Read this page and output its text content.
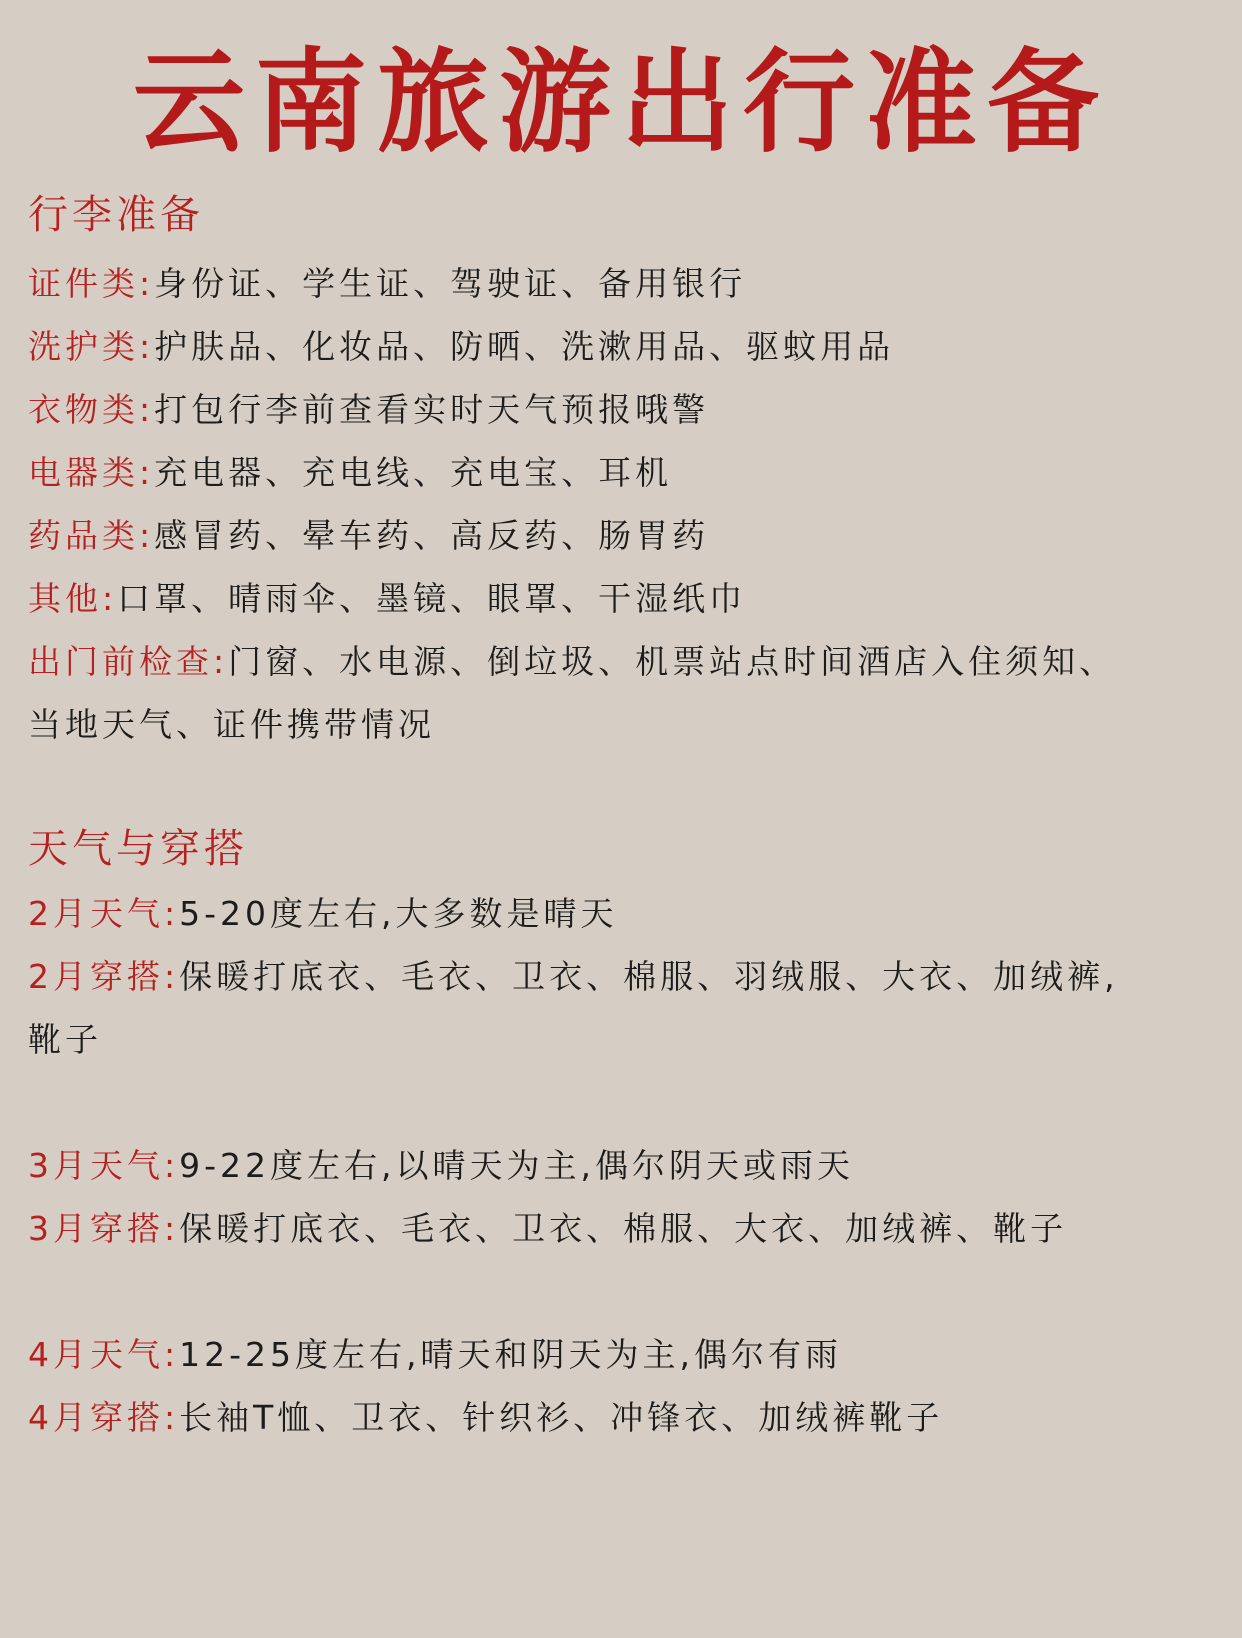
云南旅游出行准备
行李准备
证件类:身份证、学生证、驾驶证、备用银行
洗护类:护肤品、化妆品、防晒、洗漱用品、驱蚊用品
衣物类:打包行李前查看实时天气预报哦警
电器类:充电器、充电线、充电宝、耳机
药品类:感冒药、晕车药、高反药、肠胃药
其他:口罩、晴雨伞、墨镜、眼罩、干湿纸巾
出门前检查:门窗、水电源、倒垃圾、机票站点时间酒店入住须知、
当地天气、证件携带情况
天气与穿搭
2月天气:5-20度左右,大多数是晴天
2月穿搭:保暖打底衣、毛衣、卫衣、棉服、羽绒服、大衣、加绒裤,
靴子
3月天气:9-22度左右,以晴天为主,偶尔阴天或雨天
3月穿搭:保暖打底衣、毛衣、卫衣、棉服、大衣、加绒裤、靴子
4月天气:12-25度左右,晴天和阴天为主,偶尔有雨
4月穿搭:长袖T恤、卫衣、针织衫、冲锋衣、加绒裤靴子
